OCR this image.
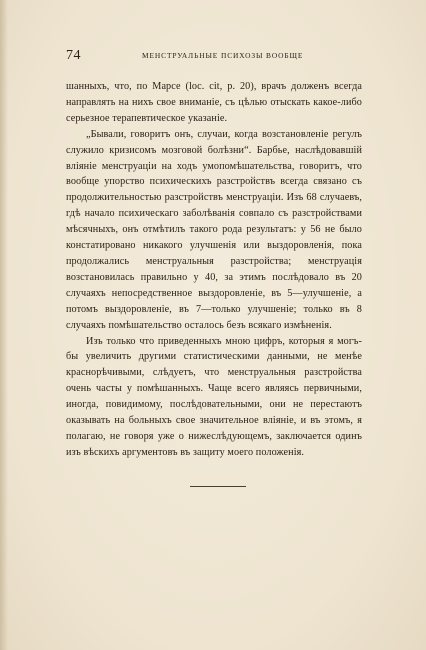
74	МЕНСТРУАЛЬНЫЕ ПСИХОЗЫ ВООБЩЕ

шанныхъ, что, по Марсе (loc. cit, р. 20), врачъ долженъ всегда направлять на нихъ свое вниманіе, съ цѣлью отыскать какое-либо серьезное терапевтическое указаніе.

„Бывали, говоритъ онъ, случаи, когда возстановленіе регулъ служило кризисомъ мозговой болѣзни“. Барбье, наслѣдовавшій вліяніе менструаціи на ходъ умопомѣшательства, говоритъ, что вообще упорство психическихъ разстройствъ всегда связано съ продолжительностью разстройствъ менструаціи. Изъ 68 случаевъ, гдѣ начало психическаго заболѣванія совпало съ разстройствами мѣсячныхъ, онъ отмѣтилъ такого рода результатъ: у 56 не было констатировано никакого улучшенія или выздоровленія, пока продолжались менструальныя разстройства; менструація возстановилась правильно у 40, за этимъ послѣдовало въ 20 случаяхъ непосредственное выздоровленіе, въ 5—улучшеніе, а потомъ выздоровленіе, въ 7—только улучшеніе; только въ 8 случаяхъ помѣшательство осталось безъ всякаго измѣненія.

Изъ только что приведенныхъ мною цифръ, которыя я могъ-бы увеличить другими статистическими данными, не менѣе краснорѣчивыми, слѣдуетъ, что менструальныя разстройства очень часты у помѣшанныхъ. Чаще всего являясь первичными, иногда, повидимому, послѣдовательными, они не перестаютъ оказывать на больныхъ свое значительное вліяніе, и въ этомъ, я полагаю, не говоря уже о нижеслѣдующемъ, заключается одинъ изъ вѣскихъ аргументовъ въ защиту моего положенія.
